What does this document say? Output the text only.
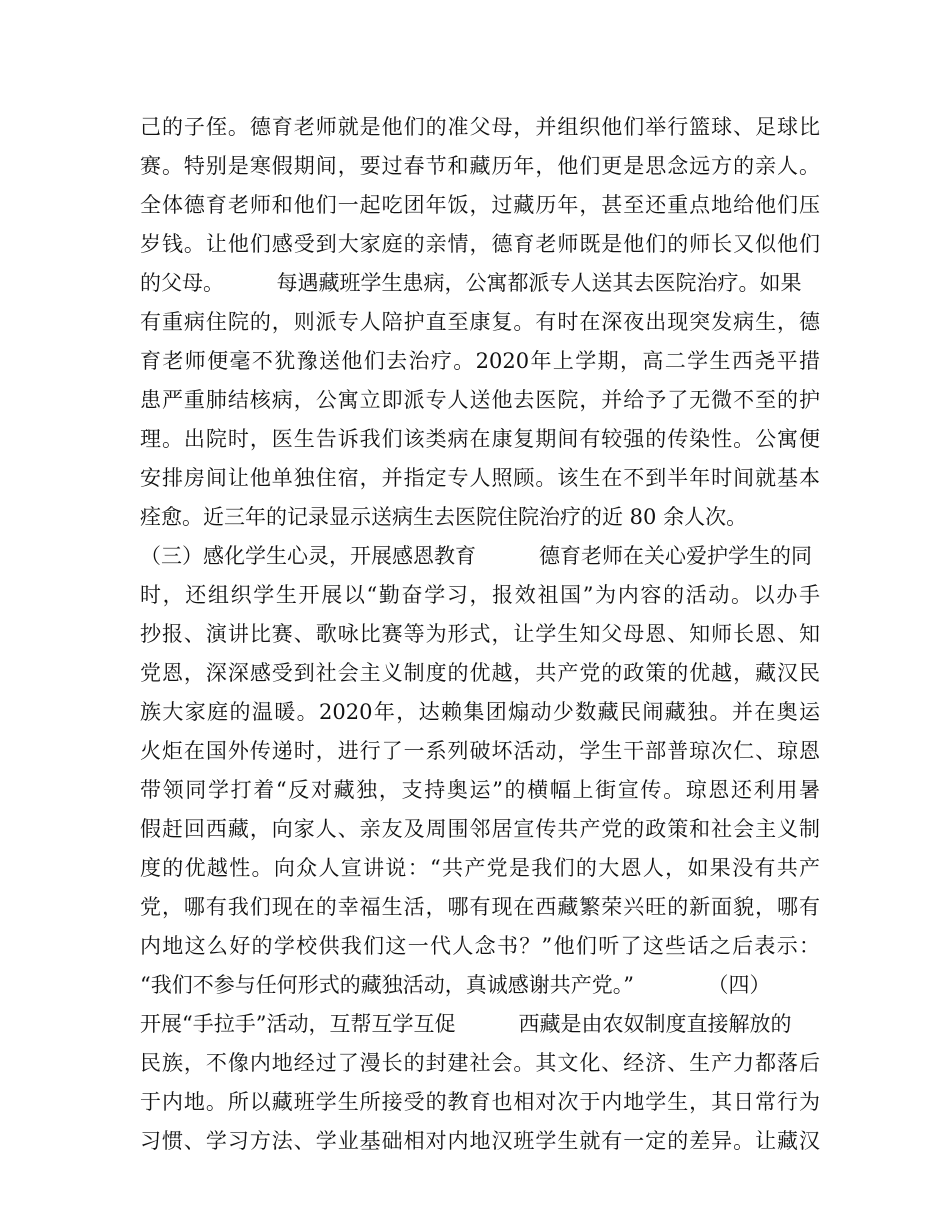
己的子侄。德育老师就是他们的准父母，并组织他们举行篮球、足球比
赛。特别是寒假期间，要过春节和藏历年，他们更是思念远方的亲人。
全体德育老师和他们一起吃团年饭，过藏历年，甚至还重点地给他们压
岁钱。让他们感受到大家庭的亲情，德育老师既是他们的师长又似他们
的父母。　　　每遇藏班学生患病，公寓都派专人送其去医院治疗。如果
有重病住院的，则派专人陪护直至康复。有时在深夜出现突发病生，德
育老师便毫不犹豫送他们去治疗。2020年上学期，高二学生西尧平措
患严重肺结核病，公寓立即派专人送他去医院，并给予了无微不至的护
理。出院时，医生告诉我们该类病在康复期间有较强的传染性。公寓便
安排房间让他单独住宿，并指定专人照顾。该生在不到半年时间就基本
痊愈。近三年的记录显示送病生去医院住院治疗的近 80 余人次。
（三）感化学生心灵，开展感恩教育　　　德育老师在关心爱护学生的同
时，还组织学生开展以“勤奋学习，报效祖国”为内容的活动。以办手
抄报、演讲比赛、歌咏比赛等为形式，让学生知父母恩、知师长恩、知
党恩，深深感受到社会主义制度的优越，共产党的政策的优越，藏汉民
族大家庭的温暖。2020年，达赖集团煽动少数藏民闹藏独。并在奥运
火炬在国外传递时，进行了一系列破坏活动，学生干部普琼次仁、琼恩
带领同学打着“反对藏独，支持奥运”的横幅上街宣传。琼恩还利用暑
假赶回西藏，向家人、亲友及周围邻居宣传共产党的政策和社会主义制
度的优越性。向众人宣讲说：“共产党是我们的大恩人，如果没有共产
党，哪有我们现在的幸福生活，哪有现在西藏繁荣兴旺的新面貌，哪有
内地这么好的学校供我们这一代人念书？”他们听了这些话之后表示：
“我们不参与任何形式的藏独活动，真诚感谢共产党。”　　　　（四）
开展“手拉手”活动，互帮互学互促　　　西藏是由农奴制度直接解放的
民族，不像内地经过了漫长的封建社会。其文化、经济、生产力都落后
于内地。所以藏班学生所接受的教育也相对次于内地学生，其日常行为
习惯、学习方法、学业基础相对内地汉班学生就有一定的差异。让藏汉
